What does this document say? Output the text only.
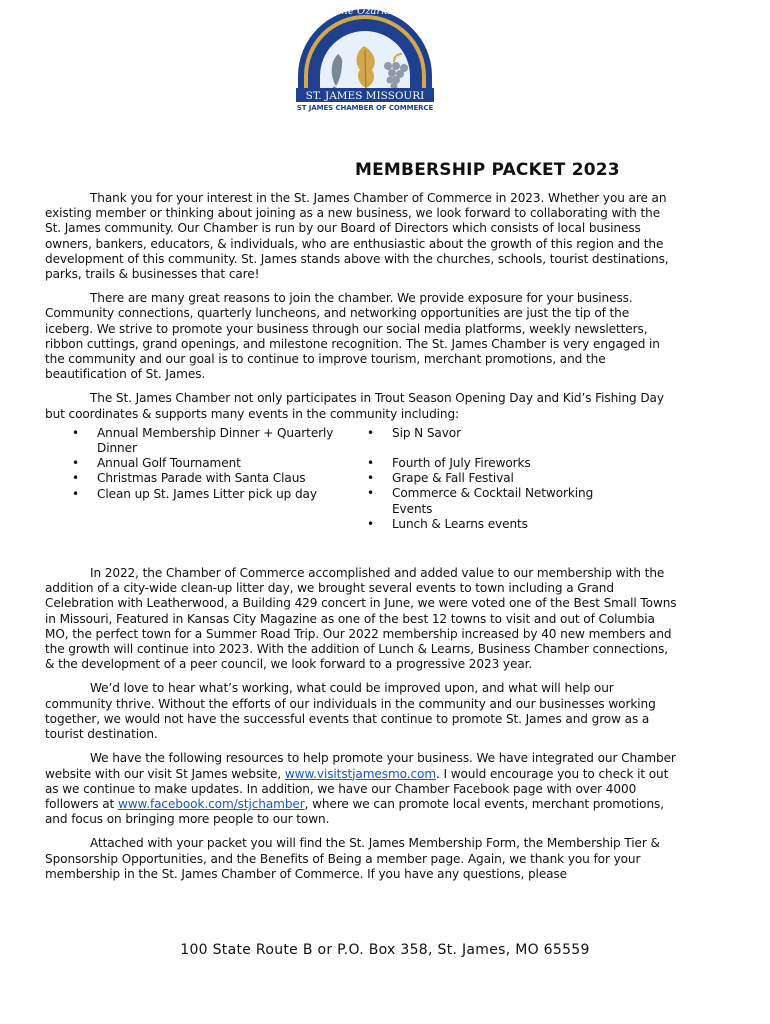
Discover the Ozarks' Best
ST. JAMES MISSOURI
ST JAMES CHAMBER OF COMMERCE
MEMBERSHIP PACKET 2023

Thank you for your interest in the St. James Chamber of Commerce in 2023. Whether you are an existing member or thinking about joining as a new business, we look forward to collaborating with the St. James community. Our Chamber is run by our Board of Directors which consists of local business owners, bankers, educators, & individuals, who are enthusiastic about the growth of this region and the development of this community. St. James stands above with the churches, schools, tourist destinations, parks, trails & businesses that care!

There are many great reasons to join the chamber. We provide exposure for your business. Community connections, quarterly luncheons, and networking opportunities are just the tip of the iceberg. We strive to promote your business through our social media platforms, weekly newsletters, ribbon cuttings, grand openings, and milestone recognition. The St. James Chamber is very engaged in the community and our goal is to continue to improve tourism, merchant promotions, and the beautification of St. James.

The St. James Chamber not only participates in Trout Season Opening Day and Kid’s Fishing Day but coordinates & supports many events in the community including:

• Annual Membership Dinner + Quarterly Dinner
• Annual Golf Tournament
• Christmas Parade with Santa Claus
• Clean up St. James Litter pick up day
• Sip N Savor
• Fourth of July Fireworks
• Grape & Fall Festival
• Commerce & Cocktail Networking Events
• Lunch & Learns events

In 2022, the Chamber of Commerce accomplished and added value to our membership with the addition of a city-wide clean-up litter day, we brought several events to town including a Grand Celebration with Leatherwood, a Building 429 concert in June, we were voted one of the Best Small Towns in Missouri, Featured in Kansas City Magazine as one of the best 12 towns to visit and out of Columbia MO, the perfect town for a Summer Road Trip. Our 2022 membership increased by 40 new members and the growth will continue into 2023. With the addition of Lunch & Learns, Business Chamber connections, & the development of a peer council, we look forward to a progressive 2023 year.

We’d love to hear what’s working, what could be improved upon, and what will help our community thrive. Without the efforts of our individuals in the community and our businesses working together, we would not have the successful events that continue to promote St. James and grow as a tourist destination.

We have the following resources to help promote your business. We have integrated our Chamber website with our visit St James website, www.visitstjamesmo.com. I would encourage you to check it out as we continue to make updates. In addition, we have our Chamber Facebook page with over 4000 followers at www.facebook.com/stjchamber, where we can promote local events, merchant promotions, and focus on bringing more people to our town.

Attached with your packet you will find the St. James Membership Form, the Membership Tier & Sponsorship Opportunities, and the Benefits of Being a member page. Again, we thank you for your membership in the St. James Chamber of Commerce. If you have any questions, please

100 State Route B or P.O. Box 358, St. James, MO 65559
